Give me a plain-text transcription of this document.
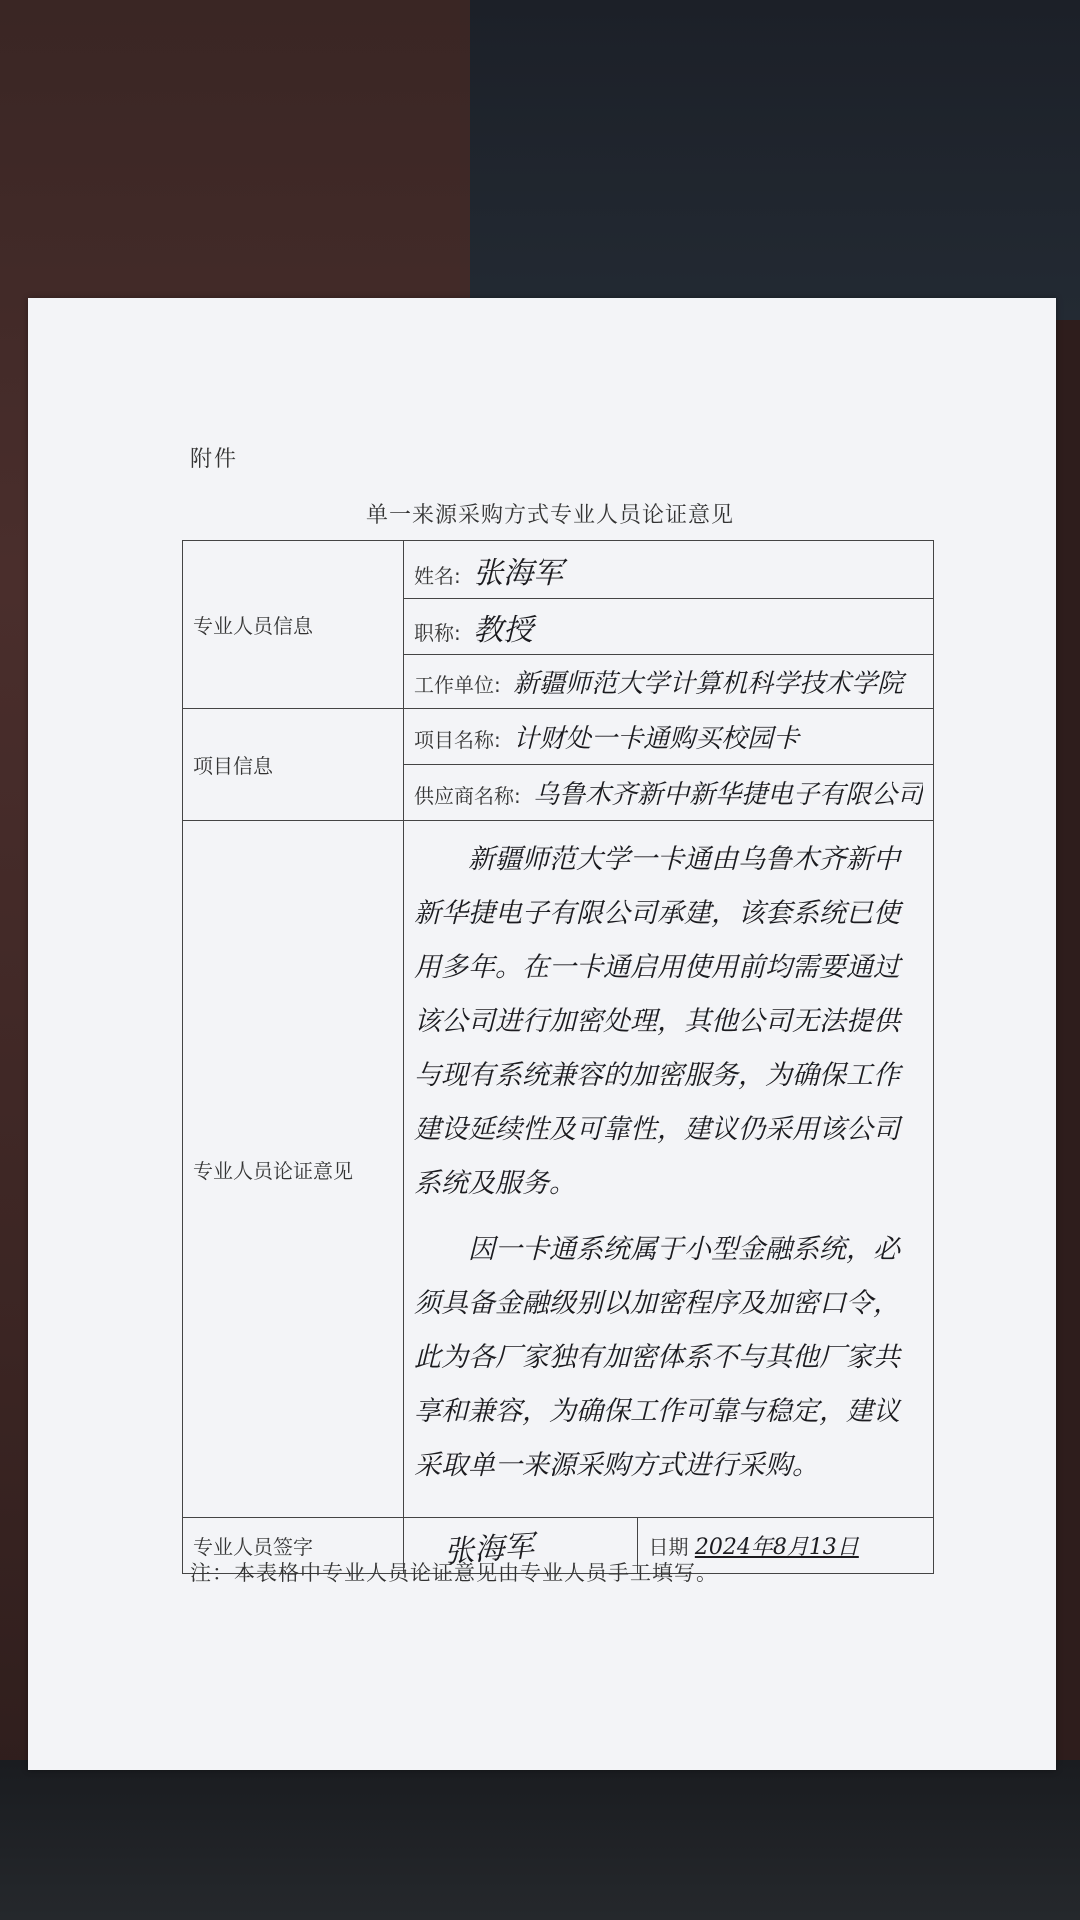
附件
单一来源采购方式专业人员论证意见
专业人员信息	姓名: 张海军	

	职称: 教授	

	工作单位: 新疆师范大学计算机科学技术学院	

项目信息	项目名称: 计财处一卡通购买校园卡	

	供应商名称: 乌鲁木齐新中新华捷电子有限公司	

专业人员论证意见	新疆师范大学一卡通由乌鲁木齐新中新华捷电子有限公司承建，该套系统已使用多年。在一卡通启用使用前均需要通过该公司进行加密处理，其他公司无法提供与现有系统兼容的加密服务，为确保工作建设延续性及可靠性，建议仍采用该公司系统及服务。

因一卡通系统属于小型金融系统，必须具备金融级别以加密程序及加密口令，此为各厂家独有加密体系不与其他厂家共享和兼容，为确保工作可靠与稳定，建议采取单一来源采购方式进行采购。	

专业人员签字	张海军	日期 2024年8月13日
注：本表格中专业人员论证意见由专业人员手工填写。
